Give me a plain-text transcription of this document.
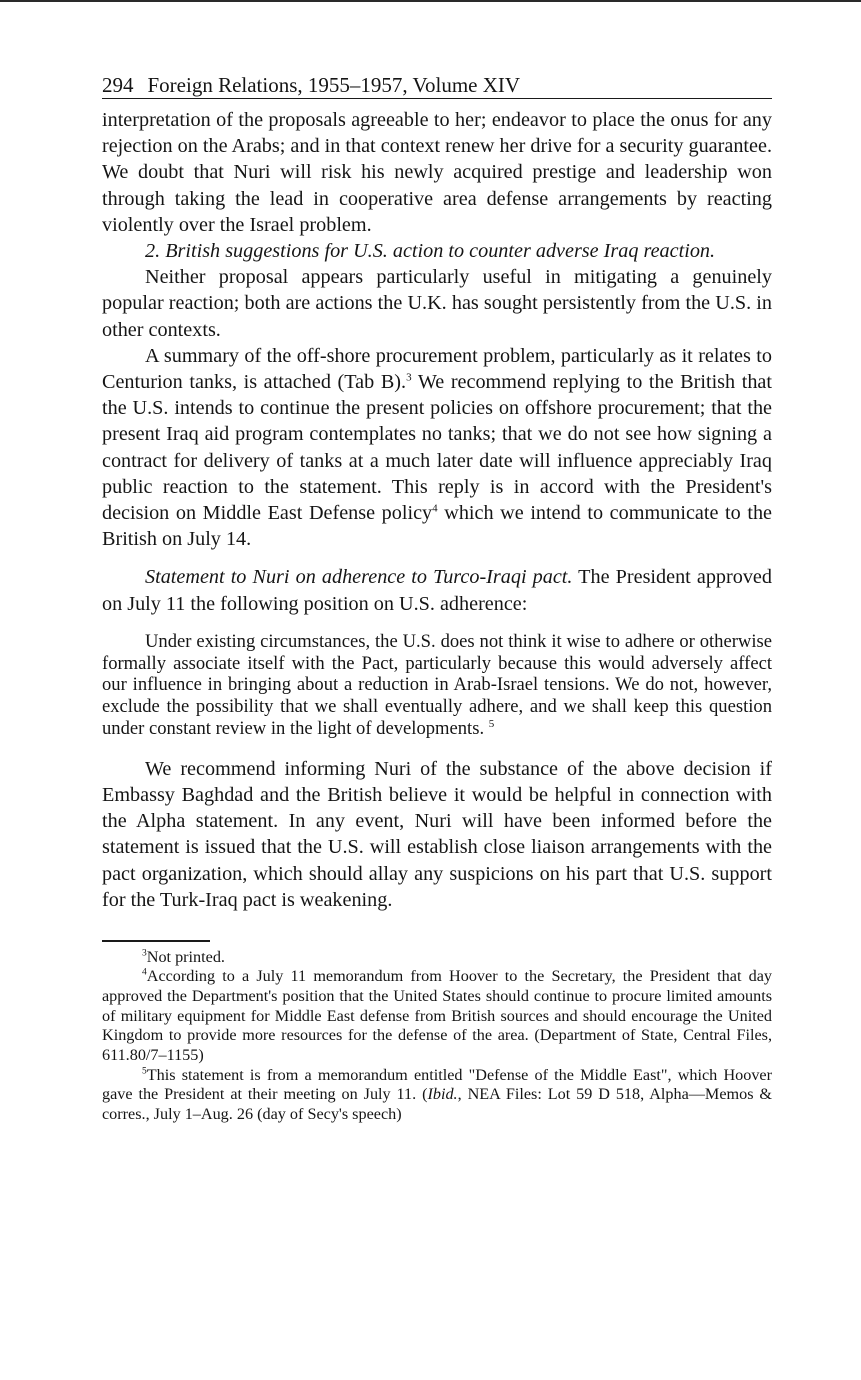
294 Foreign Relations, 1955–1957, Volume XIV

interpretation of the proposals agreeable to her; endeavor to place the onus for any rejection on the Arabs; and in that context renew her drive for a security guarantee. We doubt that Nuri will risk his newly acquired prestige and leadership won through taking the lead in cooperative area defense arrangements by reacting violently over the Israel problem.

2. British suggestions for U.S. action to counter adverse Iraq reaction.

Neither proposal appears particularly useful in mitigating a genuinely popular reaction; both are actions the U.K. has sought persistently from the U.S. in other contexts.

A summary of the off-shore procurement problem, particularly as it relates to Centurion tanks, is attached (Tab B).$^3$ We recommend replying to the British that the U.S. intends to continue the present policies on offshore procurement; that the present Iraq aid program contemplates no tanks; that we do not see how signing a contract for delivery of tanks at a much later date will influence appreciably Iraq public reaction to the statement. This reply is in accord with the President's decision on Middle East Defense policy$^4$ which we intend to communicate to the British on July 14.

Statement to Nuri on adherence to Turco-Iraqi pact. The President approved on July 11 the following position on U.S. adherence:

Under existing circumstances, the U.S. does not think it wise to adhere or otherwise formally associate itself with the Pact, particularly because this would adversely affect our influence in bringing about a reduction in Arab-Israel tensions. We do not, however, exclude the possibility that we shall eventually adhere, and we shall keep this question under constant review in the light of developments. $^5$

We recommend informing Nuri of the substance of the above decision if Embassy Baghdad and the British believe it would be helpful in connection with the Alpha statement. In any event, Nuri will have been informed before the statement is issued that the U.S. will establish close liaison arrangements with the pact organization, which should allay any suspicions on his part that U.S. support for the Turk-Iraq pact is weakening.

$^3$Not printed.

$^4$According to a July 11 memorandum from Hoover to the Secretary, the President that day approved the Department's position that the United States should continue to procure limited amounts of military equipment for Middle East defense from British sources and should encourage the United Kingdom to provide more resources for the defense of the area. (Department of State, Central Files, 611.80/7–1155)

$^5$This statement is from a memorandum entitled "Defense of the Middle East", which Hoover gave the President at their meeting on July 11. (Ibid., NEA Files: Lot 59 D 518, Alpha—Memos & corres., July 1–Aug. 26 (day of Secy's speech)
